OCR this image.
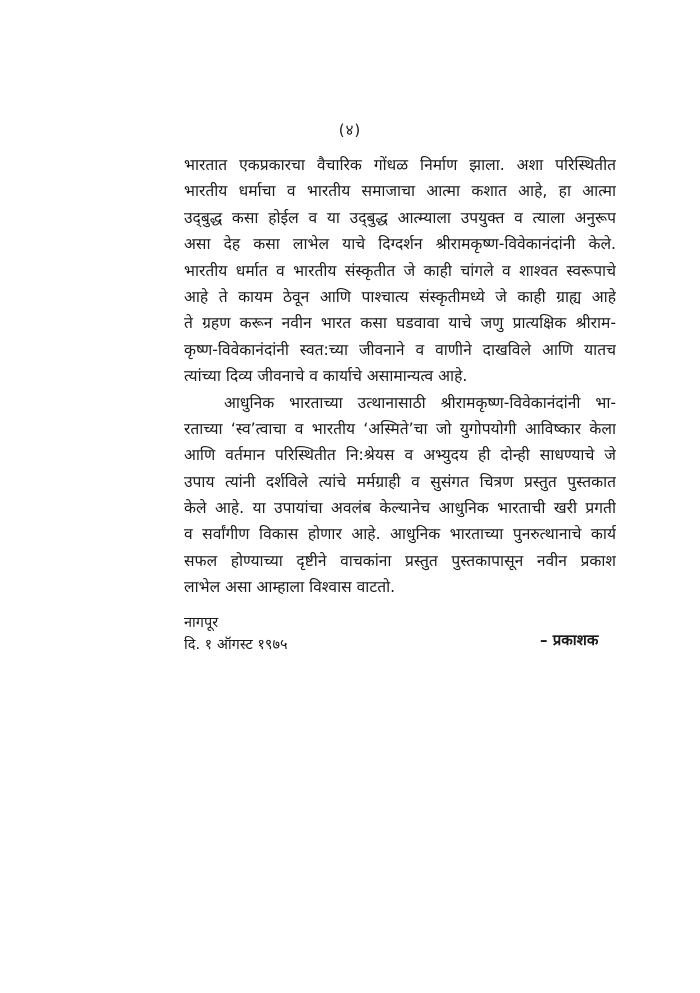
(४)
भारतात एकप्रकारचा वैचारिक गोंधळ निर्माण झाला. अशा परिस्थितीत
भारतीय धर्माचा व भारतीय समाजाचा आत्मा कशात आहे, हा आत्मा
उद्‌बुद्ध कसा होईल व या उद्‌बुद्ध आत्म्याला उपयुक्त व त्याला अनुरूप
असा देह कसा लाभेल याचे दिग्दर्शन श्रीरामकृष्ण-विवेकानंदांनी केले.
भारतीय धर्मात व भारतीय संस्कृतीत जे काही चांगले व शाश्वत स्वरूपाचे
आहे ते कायम ठेवून आणि पाश्चात्य संस्कृतीमध्ये जे काही ग्राह्य आहे
ते ग्रहण करून नवीन भारत कसा घडवावा याचे जणु प्रात्यक्षिक श्रीराम-
कृष्ण-विवेकानंदांनी स्वत:च्या जीवनाने व वाणीने दाखविले आणि यातच
त्यांच्या दिव्य जीवनाचे व कार्याचे असामान्यत्व आहे.
आधुनिक भारताच्या उत्थानासाठी श्रीरामकृष्ण-विवेकानंदांनी भा-
रताच्या ‘स्व’त्वाचा व भारतीय ‘अस्मिते’चा जो युगोपयोगी आविष्कार केला
आणि वर्तमान परिस्थितीत नि:श्रेयस व अभ्युदय ही दोन्ही साधण्याचे जे
उपाय त्यांनी दर्शविले त्यांचे मर्मग्राही व सुसंगत चित्रण प्रस्तुत पुस्तकात
केले आहे. या उपायांचा अवलंब केल्यानेच आधुनिक भारताची खरी प्रगती
व सर्वांगीण विकास होणार आहे. आधुनिक भारताच्या पुनरुत्थानाचे कार्य
सफल होण्याच्या दृष्टीने वाचकांना प्रस्तुत पुस्तकापासून नवीन प्रकाश
लाभेल असा आम्हाला विश्वास वाटतो.
नागपूर
दि. १ ऑगस्ट १९७५	– प्रकाशक
